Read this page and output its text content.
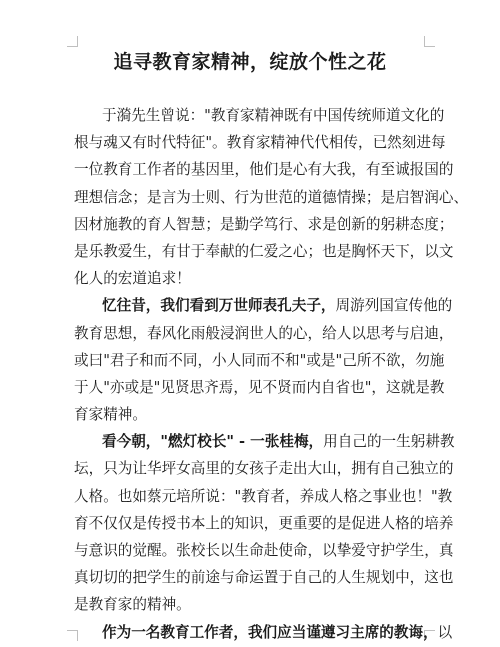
追寻教育家精神，绽放个性之花
于漪先生曾说："教育家精神既有中国传统师道文化的
根与魂又有时代特征"。教育家精神代代相传，已然刻进每
一位教育工作者的基因里，他们是心有大我，有至诚报国的
理想信念；是言为士则、行为世范的道德情操；是启智润心、
因材施教的育人智慧；是勤学笃行、求是创新的躬耕态度；
是乐教爱生，有甘于奉献的仁爱之心；也是胸怀天下，以文
化人的宏道追求！
忆往昔，我们看到万世师表孔夫子，周游列国宣传他的
教育思想，春风化雨般浸润世人的心，给人以思考与启迪，
或曰"君子和而不同，小人同而不和"或是"己所不欲，勿施
于人"亦或是"见贤思齐焉，见不贤而内自省也"，这就是教
育家精神。
看今朝，"燃灯校长" - 一张桂梅，用自己的一生躬耕教
坛，只为让华坪女高里的女孩子走出大山，拥有自己独立的
人格。也如蔡元培所说："教育者，养成人格之事业也！"教
育不仅仅是传授书本上的知识，更重要的是促进人格的培养
与意识的觉醒。张校长以生命赴使命，以挚爱守护学生，真
真切切的把学生的前途与命运置于自己的人生规划中，这也
是教育家的精神。
作为一名教育工作者，我们应当谨遵习主席的教诲，以
